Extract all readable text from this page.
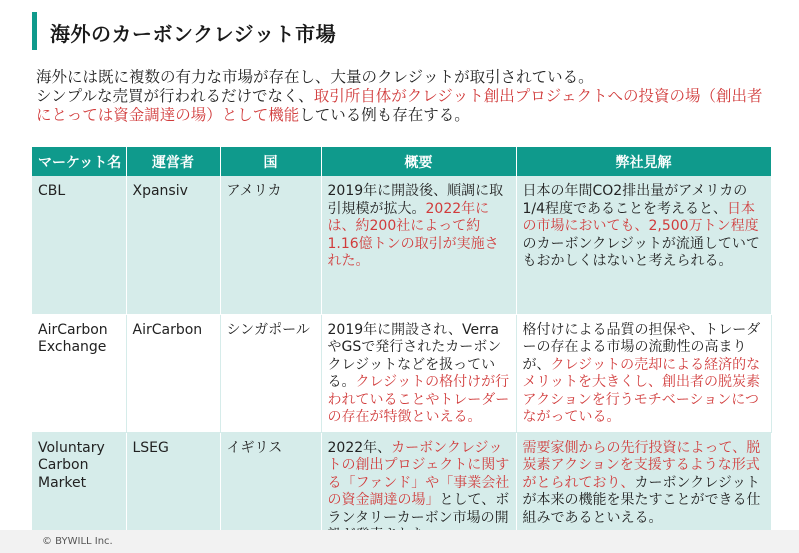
海外のカーボンクレジット市場
海外には既に複数の有力な市場が存在し、大量のクレジットが取引されている。
シンプルな売買が行われるだけでなく、取引所自体がクレジット創出プロジェクトへの投資の場（創出者にとっては資金調達の場）として機能している例も存在する。
マーケット名	運営者	国	概要	弊社見解
CBL	Xpansiv	アメリカ	2019年に開設後、順調に取引規模が拡大。2022年には、約200社によって約1.16億トンの取引が実施された。	日本の年間CO2排出量がアメリカの1/4程度であることを考えると、日本の市場においても、2,500万トン程度のカーボンクレジットが流通していてもおかしくはないと考えられる。
AirCarbon Exchange	AirCarbon	シンガポール	2019年に開設され、VerraやGSで発行されたカーボンクレジットなどを扱っている。クレジットの格付けが行われていることやトレーダーの存在が特徴といえる。	格付けによる品質の担保や、トレーダーの存在よる市場の流動性の高まりが、クレジットの売却による経済的なメリットを大きくし、創出者の脱炭素アクションを行うモチベーションにつながっている。
Voluntary Carbon Market	LSEG	イギリス	2022年、カーボンクレジットの創出プロジェクトに関する「ファンド」や「事業会社の資金調達の場」として、ボランタリーカーボン市場の開	需要家側からの先行投資によって、脱炭素アクションを支援するような形式がとられており、カーボンクレジットが本来の機能を果たすことができる仕組みであるといえる。
© BYWILL Inc.
